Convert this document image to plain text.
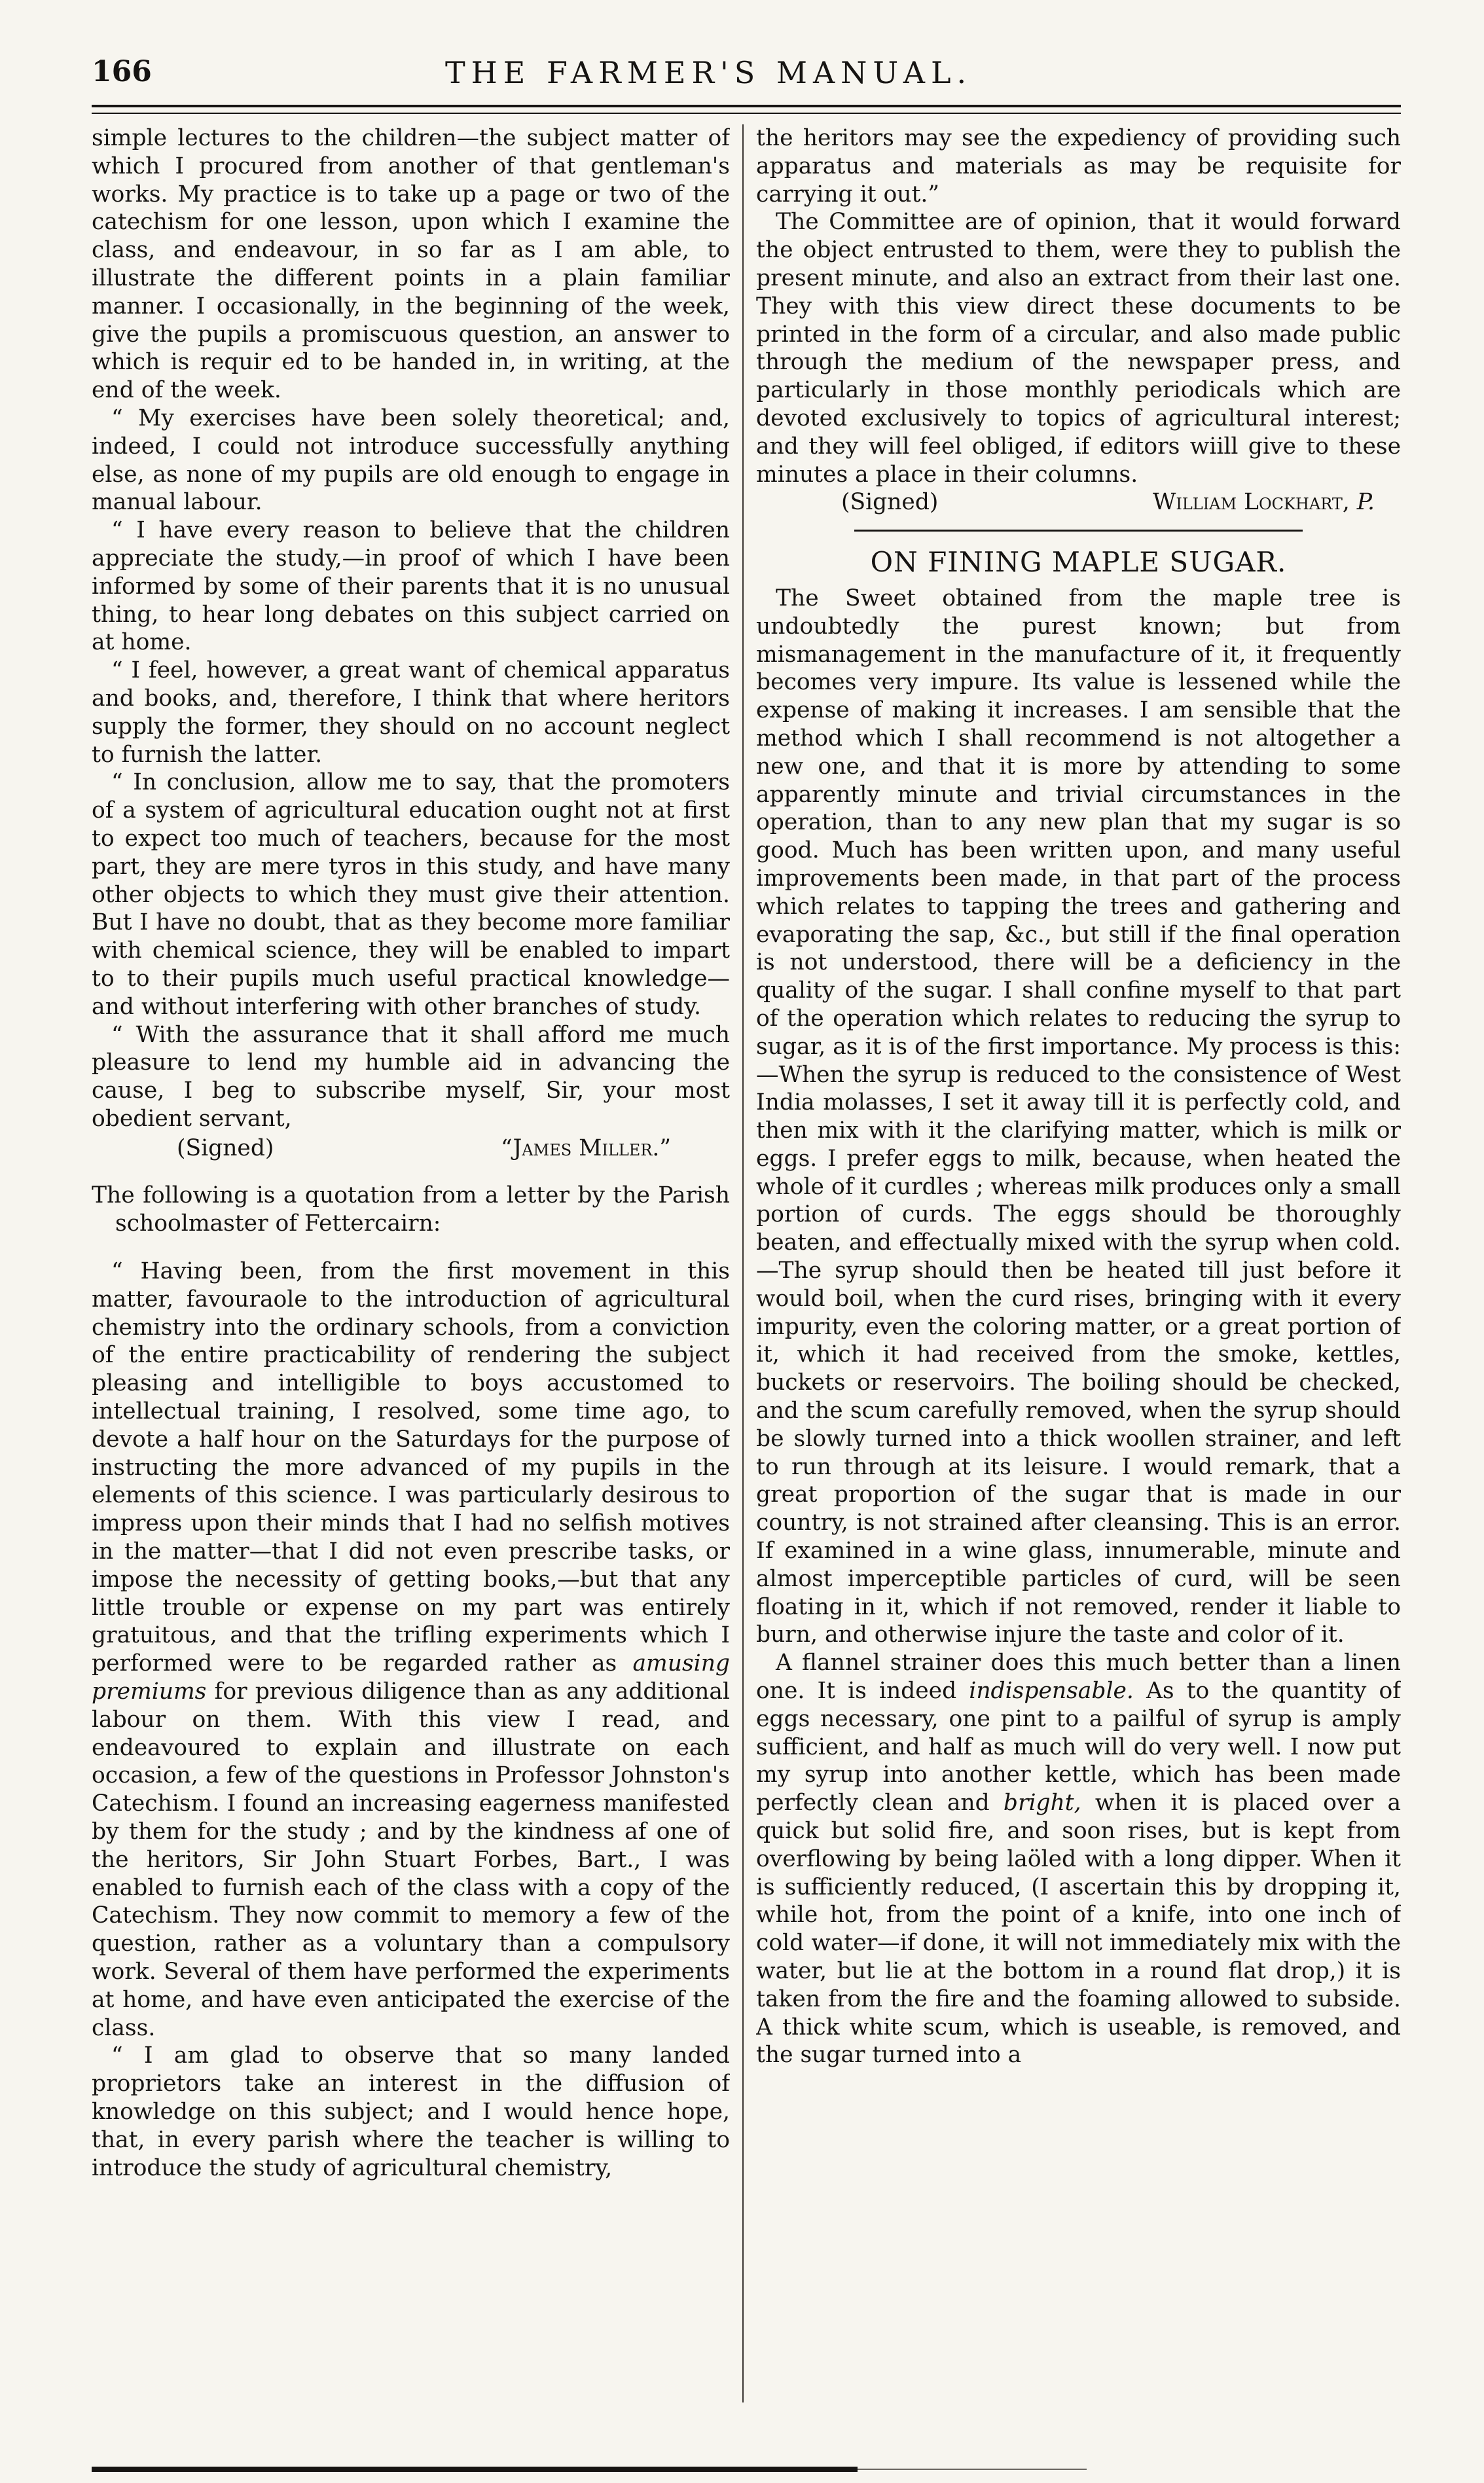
166	THE FARMER'S MANUAL.

simple lectures to the children—the subject matter of which I procured from another of that gentleman's works. My practice is to take up a page or two of the catechism for one lesson, upon which I examine the class, and endeavour, in so far as I am able, to illustrate the different points in a plain familiar manner. I occasionally, in the beginning of the week, give the pupils a promiscuous question, an answer to which is requir ed to be handed in, in writing, at the end of the week.

“ My exercises have been solely theoretical; and, indeed, I could not introduce successfully anything else, as none of my pupils are old enough to engage in manual labour.

“ I have every reason to believe that the children appreciate the study,—in proof of which I have been informed by some of their parents that it is no unusual thing, to hear long debates on this subject carried on at home.

“ I feel, however, a great want of chemical apparatus and books, and, therefore, I think that where heritors supply the former, they should on no account neglect to furnish the latter.

“ In conclusion, allow me to say, that the promoters of a system of agricultural education ought not at first to expect too much of teachers, because for the most part, they are mere tyros in this study, and have many other objects to which they must give their attention. But I have no doubt, that as they become more familiar with chemical science, they will be enabled to impart to to their pupils much useful practical knowledge—and without interfering with other branches of study.

“ With the assurance that it shall afford me much pleasure to lend my humble aid in advancing the cause, I beg to subscribe myself, Sir, your most obedient servant,

(Signed)	“James Miller.”

The following is a quotation from a letter by the Parish schoolmaster of Fettercairn:

“ Having been, from the first movement in this matter, favouraole to the introduction of agricultural chemistry into the ordinary schools, from a conviction of the entire practicability of rendering the subject pleasing and intelligible to boys accustomed to intellectual training, I resolved, some time ago, to devote a half hour on the Saturdays for the purpose of instructing the more advanced of my pupils in the elements of this science. I was particularly desirous to impress upon their minds that I had no selfish motives in the matter—that I did not even prescribe tasks, or impose the necessity of getting books,—but that any little trouble or expense on my part was entirely gratuitous, and that the trifling experiments which I performed were to be regarded rather as amusing premiums for previous diligence than as any additional labour on them. With this view I read, and endeavoured to explain and illustrate on each occasion, a few of the questions in Professor Johnston's Catechism. I found an increasing eagerness manifested by them for the study ; and by the kindness af one of the heritors, Sir John Stuart Forbes, Bart., I was enabled to furnish each of the class with a copy of the Catechism. They now commit to memory a few of the question, rather as a voluntary than a compulsory work. Several of them have performed the experiments at home, and have even anticipated the exercise of the class.

“ I am glad to observe that so many landed proprietors take an interest in the diffusion of knowledge on this subject; and I would hence hope, that, in every parish where the teacher is willing to introduce the study of agricultural chemistry,

the heritors may see the expediency of providing such apparatus and materials as may be requisite for carrying it out.”

The Committee are of opinion, that it would forward the object entrusted to them, were they to publish the present minute, and also an extract from their last one. They with this view direct these documents to be printed in the form of a circular, and also made public through the medium of the newspaper press, and particularly in those monthly periodicals which are devoted exclusively to topics of agricultural interest; and they will feel obliged, if editors wiill give to these minutes a place in their columns.

(Signed)	William Lockhart, P.
ON FINING MAPLE SUGAR.

The Sweet obtained from the maple tree is undoubtedly the purest known; but from mismanagement in the manufacture of it, it frequently becomes very impure. Its value is lessened while the expense of making it increases. I am sensible that the method which I shall recommend is not altogether a new one, and that it is more by attending to some apparently minute and trivial circumstances in the operation, than to any new plan that my sugar is so good. Much has been written upon, and many useful improvements been made, in that part of the process which relates to tapping the trees and gathering and evaporating the sap, &c., but still if the final operation is not understood, there will be a deficiency in the quality of the sugar. I shall confine myself to that part of the operation which relates to reducing the syrup to sugar, as it is of the first importance. My process is this:—When the syrup is reduced to the consistence of West India molasses, I set it away till it is perfectly cold, and then mix with it the clarifying matter, which is milk or eggs. I prefer eggs to milk, because, when heated the whole of it curdles ; whereas milk produces only a small portion of curds. The eggs should be thoroughly beaten, and effectually mixed with the syrup when cold.—The syrup should then be heated till just before it would boil, when the curd rises, bringing with it every impurity, even the coloring matter, or a great portion of it, which it had received from the smoke, kettles, buckets or reservoirs. The boiling should be checked, and the scum carefully removed, when the syrup should be slowly turned into a thick woollen strainer, and left to run through at its leisure. I would remark, that a great proportion of the sugar that is made in our country, is not strained after cleansing. This is an error. If examined in a wine glass, innumerable, minute and almost imperceptible particles of curd, will be seen floating in it, which if not removed, render it liable to burn, and otherwise injure the taste and color of it.

A flannel strainer does this much better than a linen one. It is indeed indispensable. As to the quantity of eggs necessary, one pint to a pailful of syrup is amply sufficient, and half as much will do very well. I now put my syrup into another kettle, which has been made perfectly clean and bright, when it is placed over a quick but solid fire, and soon rises, but is kept from overflowing by being laöled with a long dipper. When it is sufficiently reduced, (I ascertain this by dropping it, while hot, from the point of a knife, into one inch of cold water—if done, it will not immediately mix with the water, but lie at the bottom in a round flat drop,) it is taken from the fire and the foaming allowed to subside. A thick white scum, which is useable, is removed, and the sugar turned into a
